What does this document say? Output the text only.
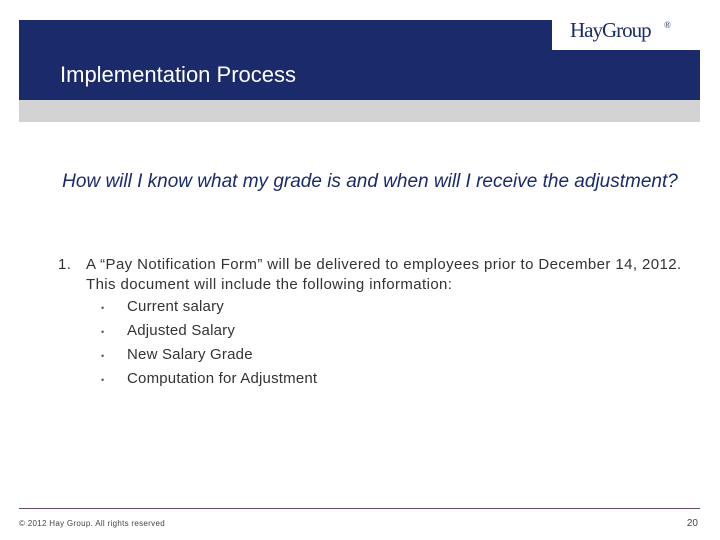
HayGroup ®
Implementation Process
How will I know what my grade is and when will I receive the adjustment?
1. A “Pay Notification Form” will be delivered to employees prior to December 14, 2012. This document will include the following information:
•	Current salary
•	Adjusted Salary
•	New Salary Grade
•	Computation for Adjustment
© 2012 Hay Group. All rights reserved	20
